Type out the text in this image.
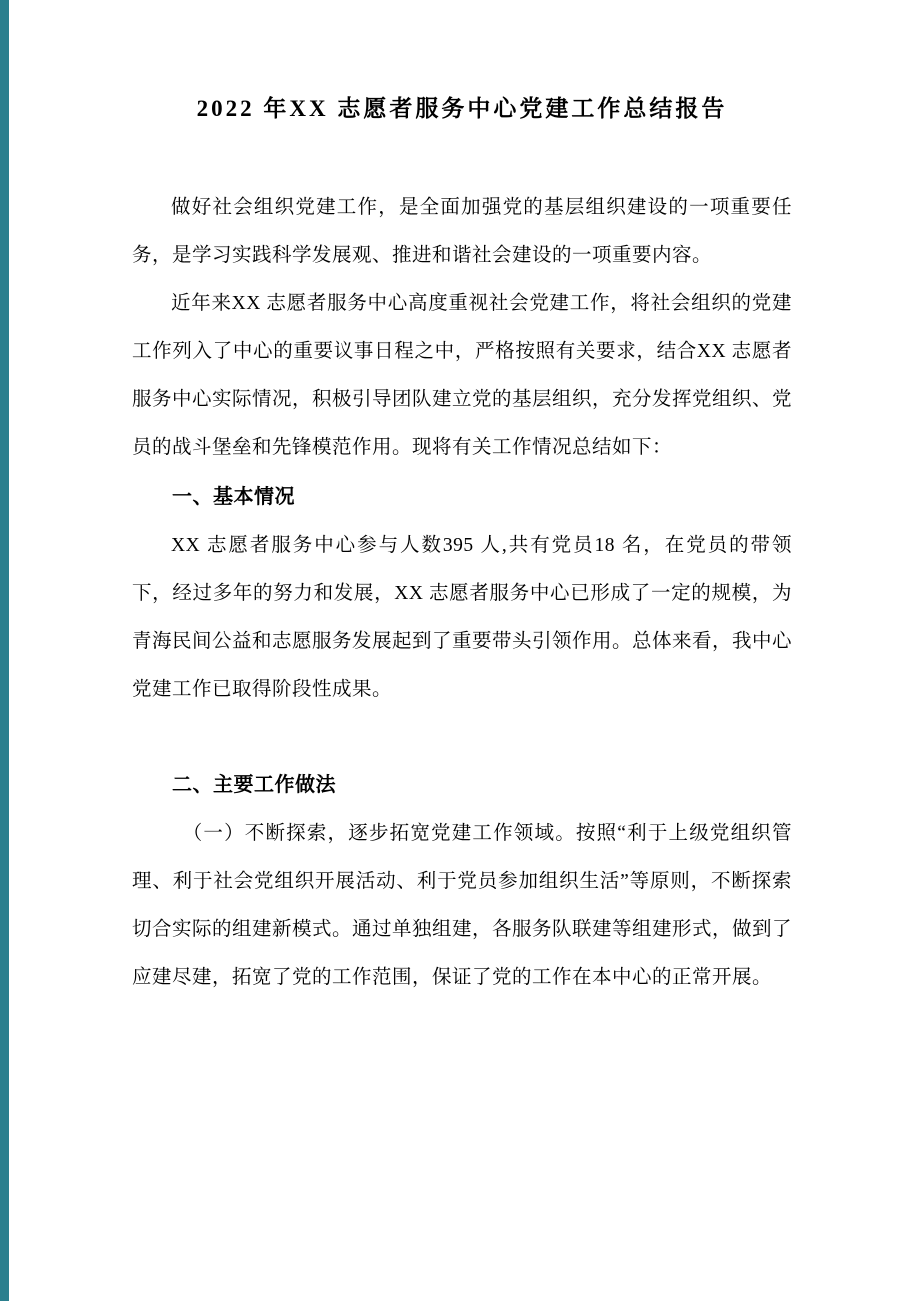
2022 年XX 志愿者服务中心党建工作总结报告

做好社会组织党建工作，是全面加强党的基层组织建设的一项重要任务，是学习实践科学发展观、推进和谐社会建设的一项重要内容。

近年来XX 志愿者服务中心高度重视社会党建工作，将社会组织的党建工作列入了中心的重要议事日程之中，严格按照有关要求，结合XX 志愿者服务中心实际情况，积极引导团队建立党的基层组织，充分发挥党组织、党员的战斗堡垒和先锋模范作用。现将有关工作情况总结如下：

一、基本情况

XX 志愿者服务中心参与人数395 人,共有党员18 名，在党员的带领下，经过多年的努力和发展，XX 志愿者服务中心已形成了一定的规模，为青海民间公益和志愿服务发展起到了重要带头引领作用。总体来看，我中心党建工作已取得阶段性成果。

二、主要工作做法

（一）不断探索，逐步拓宽党建工作领域。按照“利于上级党组织管理、利于社会党组织开展活动、利于党员参加组织生活”等原则，不断探索切合实际的组建新模式。通过单独组建，各服务队联建等组建形式，做到了应建尽建，拓宽了党的工作范围，保证了党的工作在本中心的正常开展。
